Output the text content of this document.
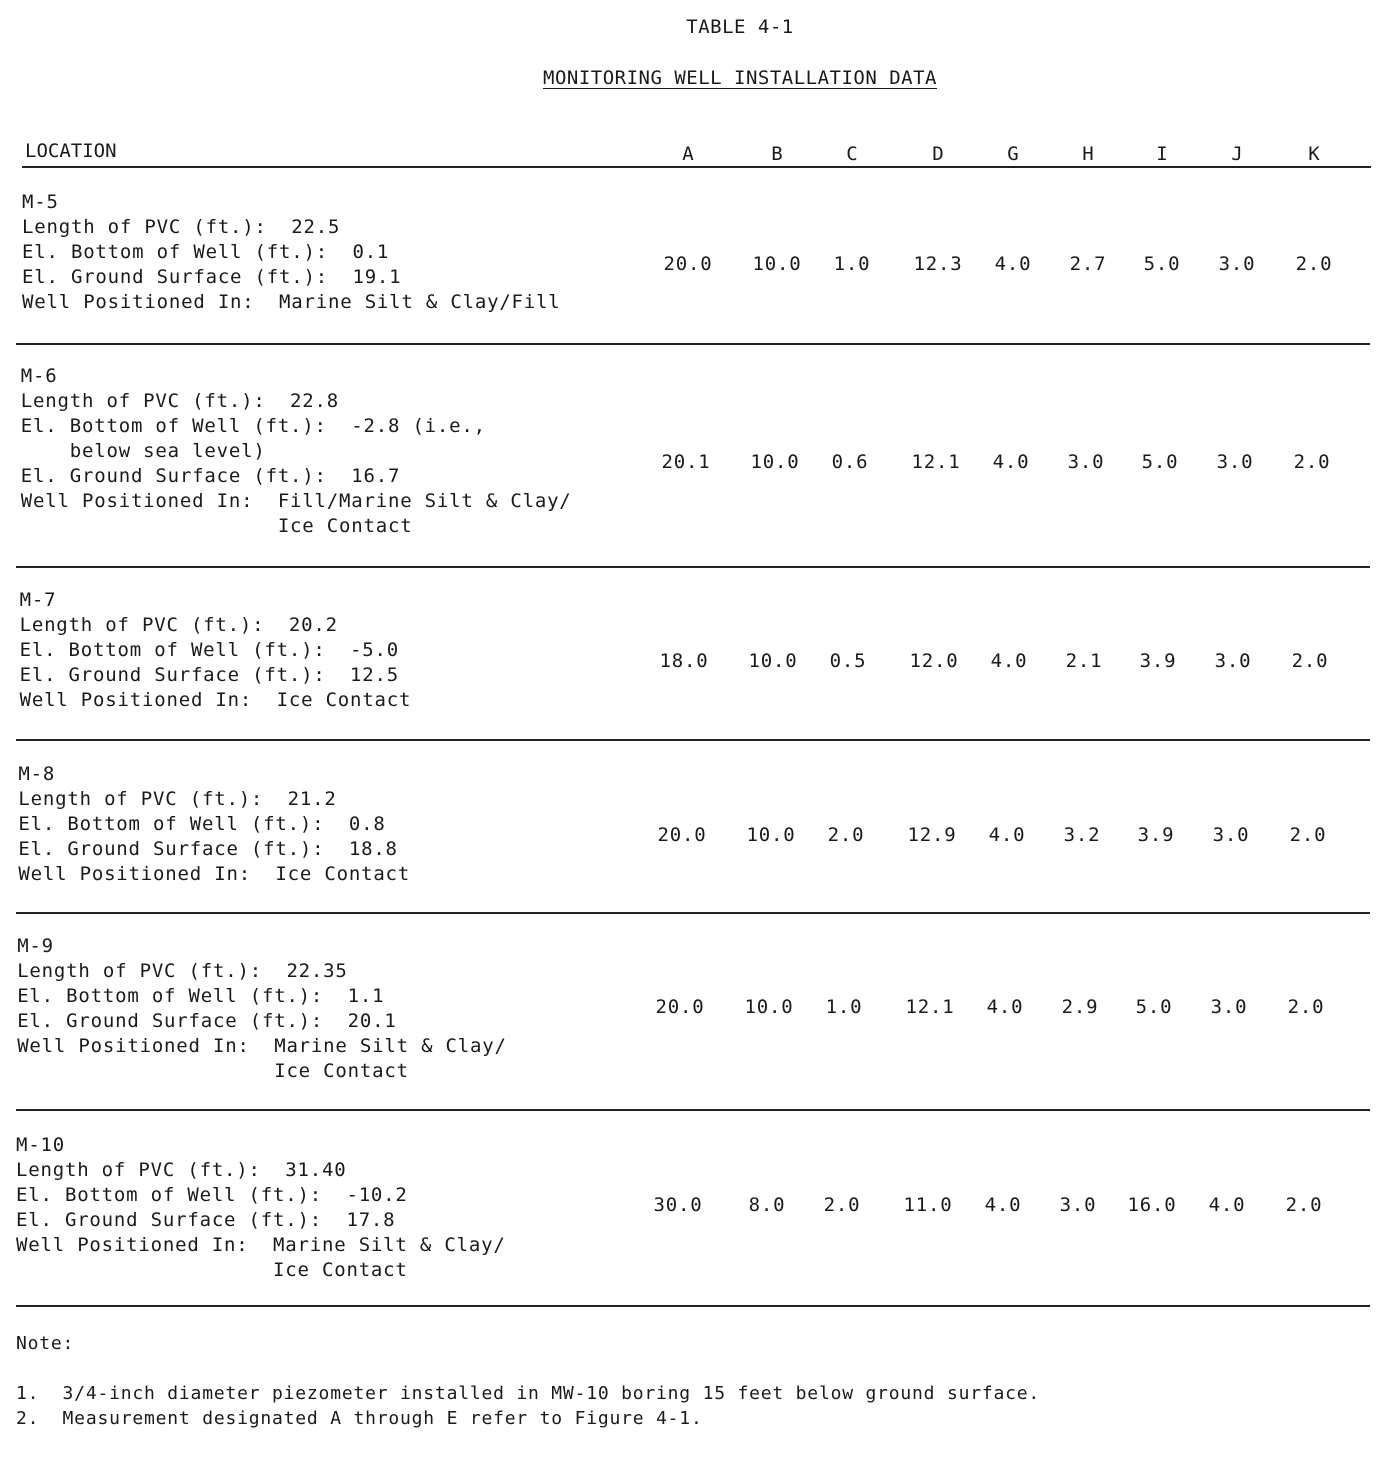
TABLE 4-1
MONITORING WELL INSTALLATION DATA
LOCATION	A	B	C	D	G	H	I	J	K
M-5
Length of PVC (ft.):  22.5
El. Bottom of Well (ft.):  0.1
El. Ground Surface (ft.):  19.1
Well Positioned In:  Marine Silt & Clay/Fill
20.0	10.0	1.0	12.3	4.0	2.7	5.0	3.0	2.0
M-6
Length of PVC (ft.):  22.8
El. Bottom of Well (ft.):  -2.8 (i.e.,
below sea level)
El. Ground Surface (ft.):  16.7
Well Positioned In:  Fill/Marine Silt & Clay/
Ice Contact
20.1	10.0	0.6	12.1	4.0	3.0	5.0	3.0	2.0
M-7
Length of PVC (ft.):  20.2
El. Bottom of Well (ft.):  -5.0
El. Ground Surface (ft.):  12.5
Well Positioned In:  Ice Contact
18.0	10.0	0.5	12.0	4.0	2.1	3.9	3.0	2.0
M-8
Length of PVC (ft.):  21.2
El. Bottom of Well (ft.):  0.8
El. Ground Surface (ft.):  18.8
Well Positioned In:  Ice Contact
20.0	10.0	2.0	12.9	4.0	3.2	3.9	3.0	2.0
M-9
Length of PVC (ft.):  22.35
El. Bottom of Well (ft.):  1.1
El. Ground Surface (ft.):  20.1
Well Positioned In:  Marine Silt & Clay/
Ice Contact
20.0	10.0	1.0	12.1	4.0	2.9	5.0	3.0	2.0
M-10
Length of PVC (ft.):  31.40
El. Bottom of Well (ft.):  -10.2
El. Ground Surface (ft.):  17.8
Well Positioned In:  Marine Silt & Clay/
Ice Contact
30.0	8.0	2.0	11.0	4.0	3.0	16.0	4.0	2.0
Note:
1.  3/4-inch diameter piezometer installed in MW-10 boring 15 feet below ground surface.
2.  Measurement designated A through E refer to Figure 4-1.
